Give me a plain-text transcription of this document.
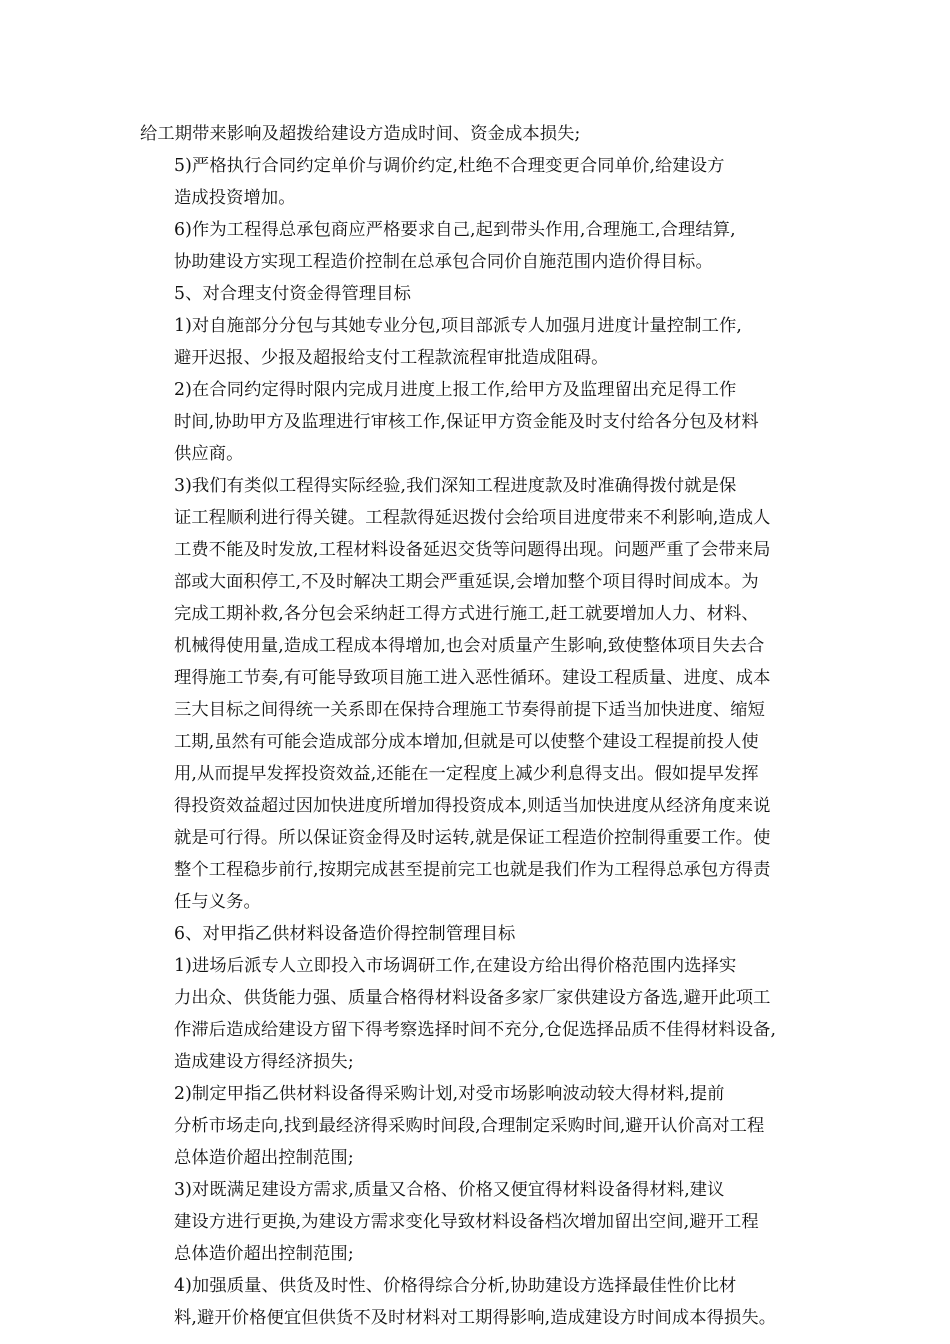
给工期带来影响及超拨给建设方造成时间、资金成本损失;

5)严格执行合同约定单价与调价约定,杜绝不合理变更合同单价,给建设方
造成投资增加。

6)作为工程得总承包商应严格要求自己,起到带头作用,合理施工,合理结算,
协助建设方实现工程造价控制在总承包合同价自施范围内造价得目标。

5、对合理支付资金得管理目标

1)对自施部分分包与其她专业分包,项目部派专人加强月进度计量控制工作,
避开迟报、少报及超报给支付工程款流程审批造成阻碍。

2)在合同约定得时限内完成月进度上报工作,给甲方及监理留出充足得工作
时间,协助甲方及监理进行审核工作,保证甲方资金能及时支付给各分包及材料
供应商。

3)我们有类似工程得实际经验,我们深知工程进度款及时准确得拨付就是保
证工程顺利进行得关键。工程款得延迟拨付会给项目进度带来不利影响,造成人
工费不能及时发放,工程材料设备延迟交货等问题得出现。问题严重了会带来局
部或大面积停工,不及时解决工期会严重延误,会增加整个项目得时间成本。为
完成工期补救,各分包会采纳赶工得方式进行施工,赶工就要增加人力、材料、
机械得使用量,造成工程成本得增加,也会对质量产生影响,致使整体项目失去合
理得施工节奏,有可能导致项目施工进入恶性循环。建设工程质量、进度、成本
三大目标之间得统一关系即在保持合理施工节奏得前提下适当加快进度、缩短
工期,虽然有可能会造成部分成本增加,但就是可以使整个建设工程提前投人使
用,从而提早发挥投资效益,还能在一定程度上减少利息得支出。假如提早发挥
得投资效益超过因加快进度所增加得投资成本,则适当加快进度从经济角度来说
就是可行得。所以保证资金得及时运转,就是保证工程造价控制得重要工作。使
整个工程稳步前行,按期完成甚至提前完工也就是我们作为工程得总承包方得责
任与义务。

6、对甲指乙供材料设备造价得控制管理目标

1)进场后派专人立即投入市场调研工作,在建设方给出得价格范围内选择实
力出众、供货能力强、质量合格得材料设备多家厂家供建设方备选,避开此项工
作滞后造成给建设方留下得考察选择时间不充分,仓促选择品质不佳得材料设备,
造成建设方得经济损失;

2)制定甲指乙供材料设备得采购计划,对受市场影响波动较大得材料,提前
分析市场走向,找到最经济得采购时间段,合理制定采购时间,避开认价高对工程
总体造价超出控制范围;

3)对既满足建设方需求,质量又合格、价格又便宜得材料设备得材料,建议
建设方进行更换,为建设方需求变化导致材料设备档次增加留出空间,避开工程
总体造价超出控制范围;

4)加强质量、供货及时性、价格得综合分析,协助建设方选择最佳性价比材
料,避开价格便宜但供货不及时材料对工期得影响,造成建设方时间成本得损失。
